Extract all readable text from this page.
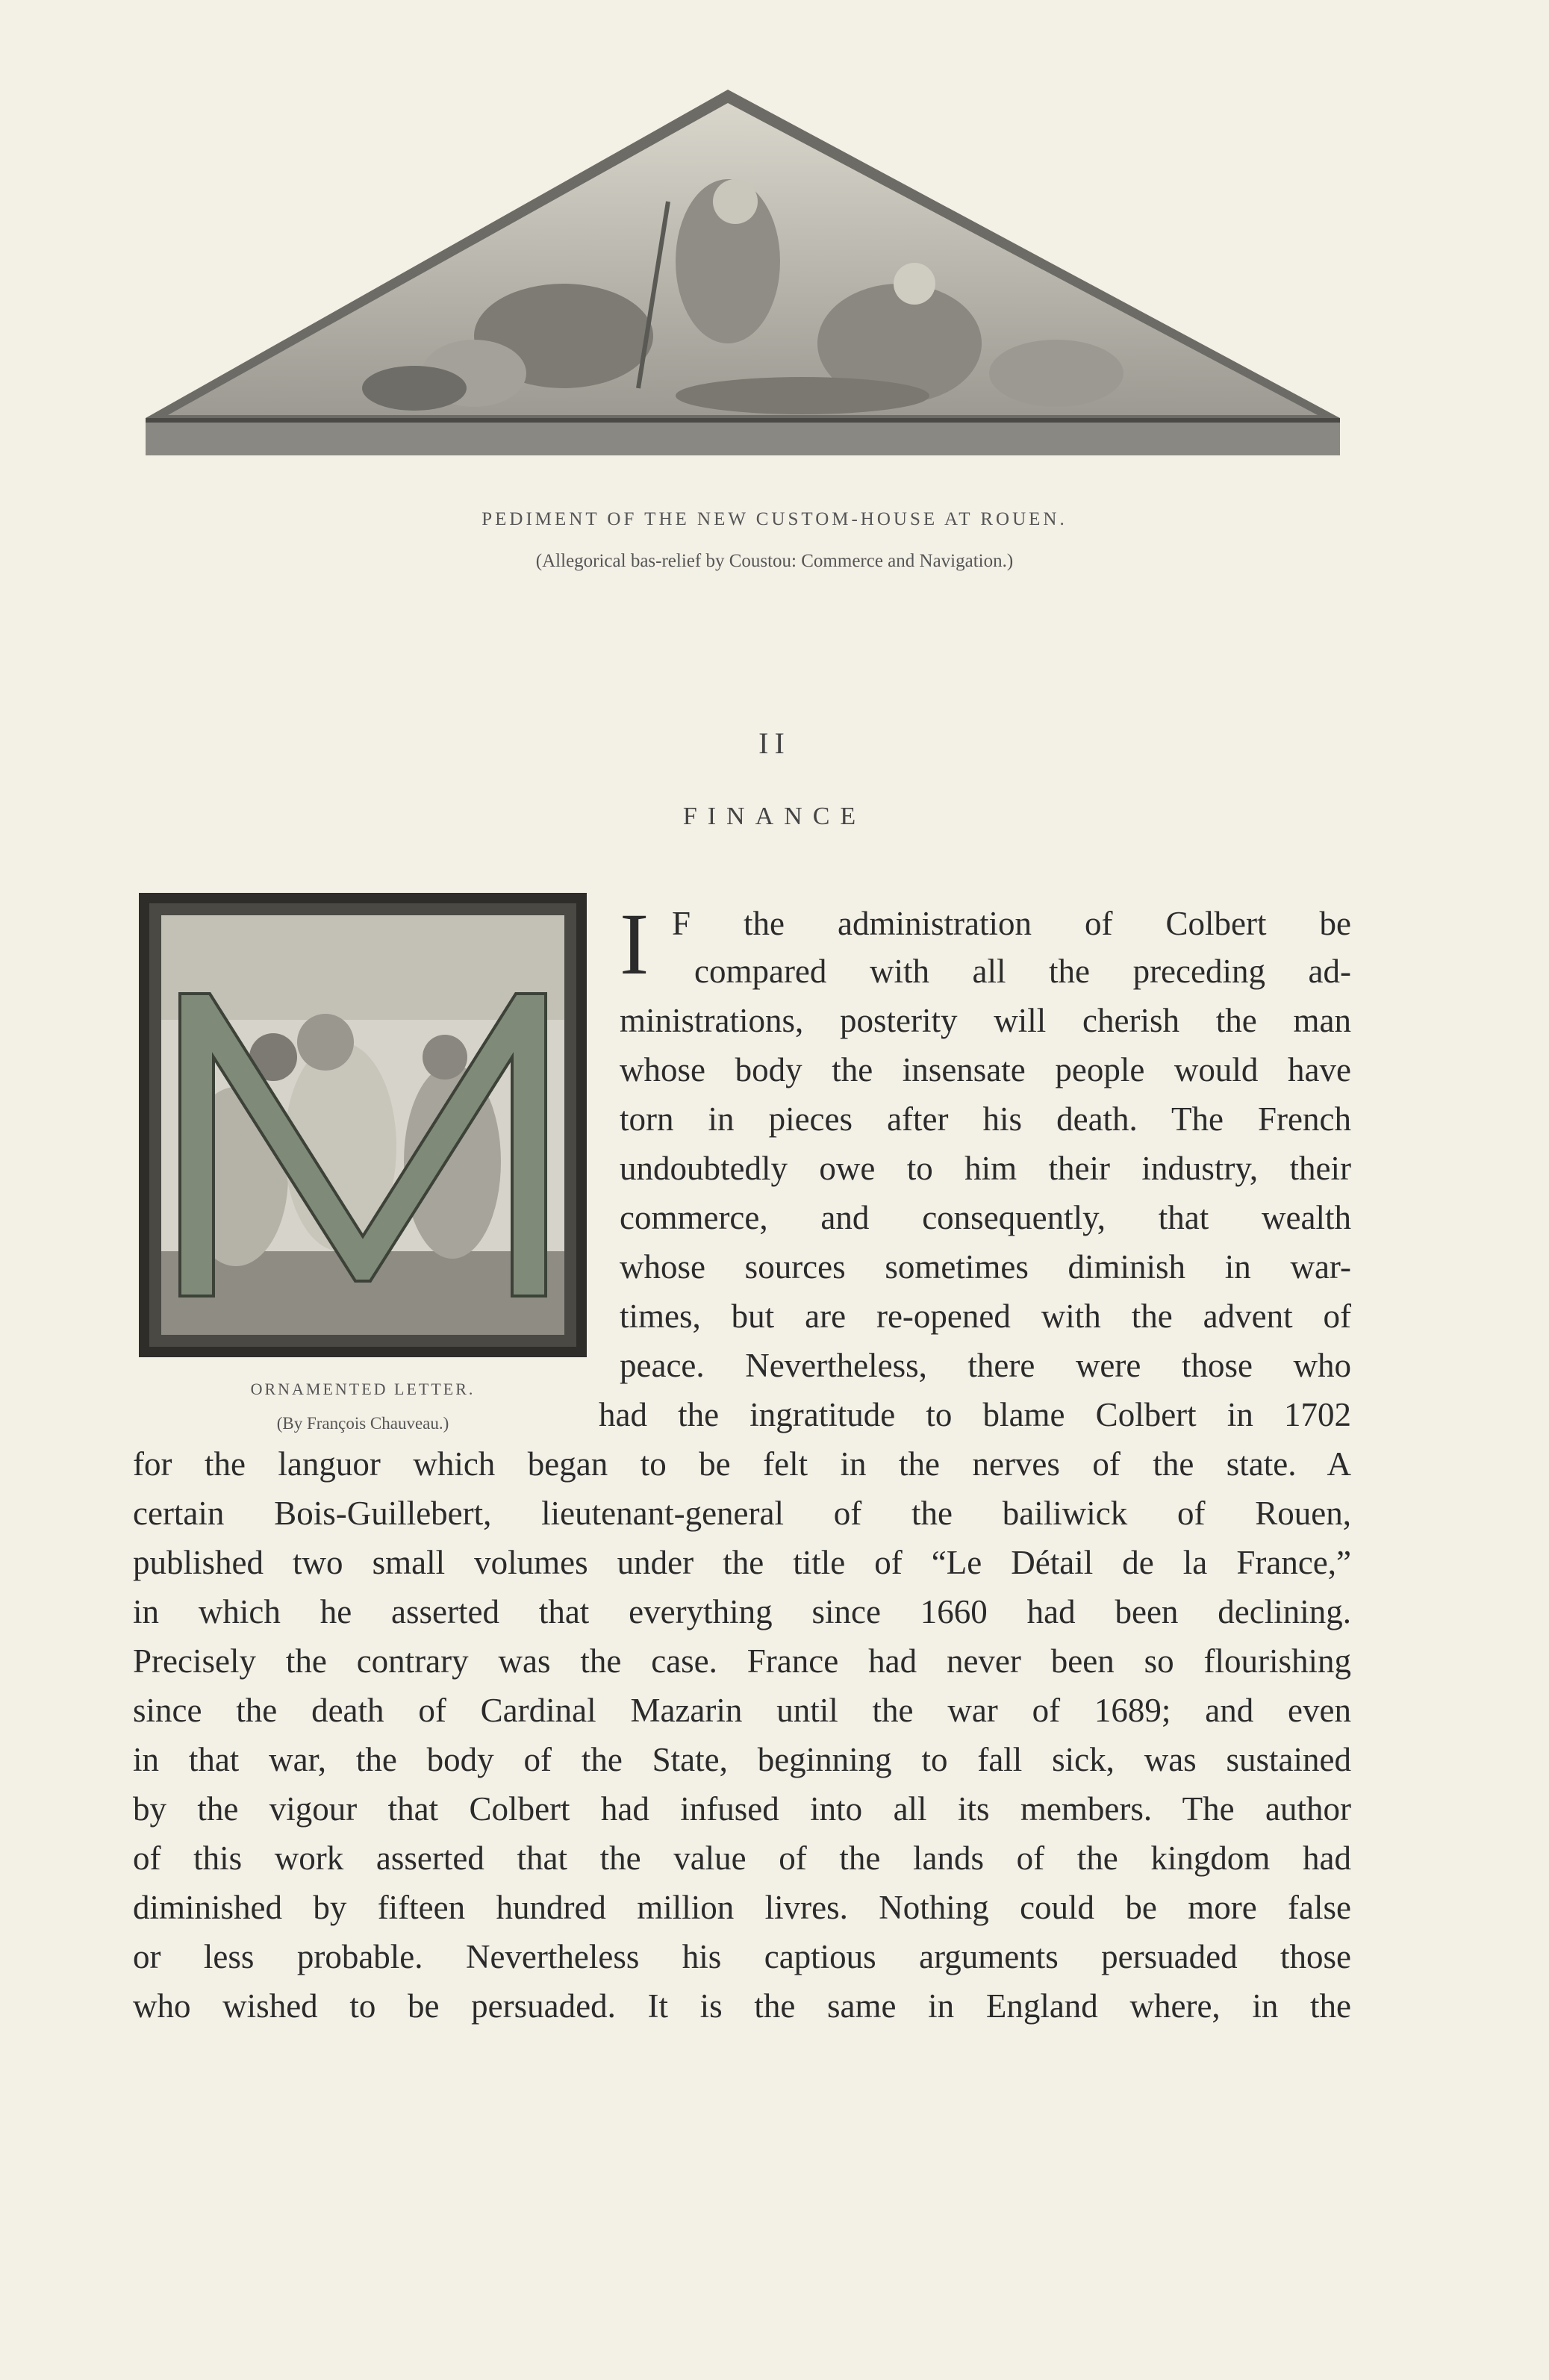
PEDIMENT OF THE NEW CUSTOM-HOUSE AT ROUEN.
(Allegorical bas-relief by Coustou: Commerce and Navigation.)
II
FINANCE
ORNAMENTED LETTER.
(By François Chauveau.)
I F the administration of Colbert be
compared with all the preceding ad-
ministrations, posterity will cherish the man
whose body the insensate people would have
torn in pieces after his death. The French
undoubtedly owe to him their industry, their
commerce, and consequently, that wealth
whose sources sometimes diminish in war-
times, but are re-opened with the advent of
peace. Nevertheless, there were those who
had the ingratitude to blame Colbert in 1702
for the languor which began to be felt in the nerves of the state. A
certain Bois-Guillebert, lieutenant-general of the bailiwick of Rouen,
published two small volumes under the title of “Le Détail de la France,”
in which he asserted that everything since 1660 had been declining.
Precisely the contrary was the case. France had never been so flourishing
since the death of Cardinal Mazarin until the war of 1689; and even
in that war, the body of the State, beginning to fall sick, was sustained
by the vigour that Colbert had infused into all its members. The author
of this work asserted that the value of the lands of the kingdom had
diminished by fifteen hundred million livres. Nothing could be more false
or less probable. Nevertheless his captious arguments persuaded those
who wished to be persuaded. It is the same in England where, in the
